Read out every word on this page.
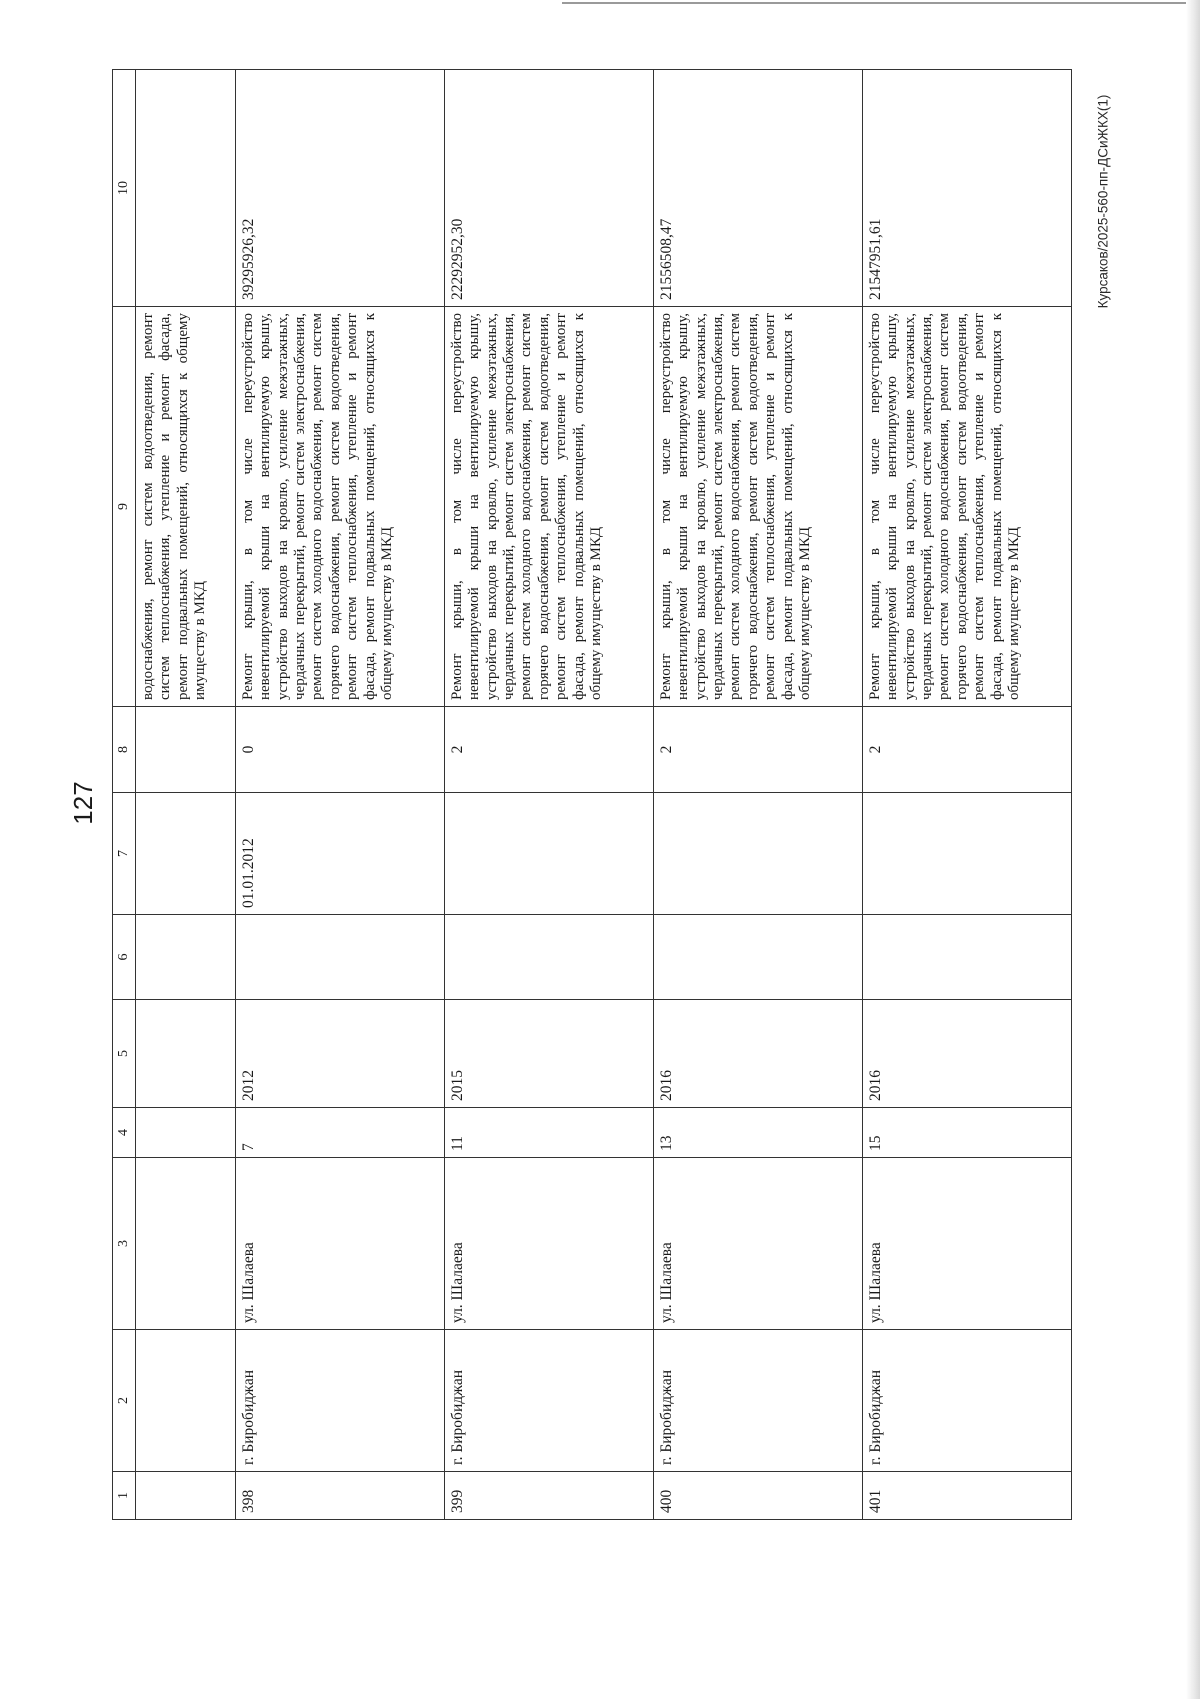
127
Курсаков/2025-560-пп-ДСиЖКХ(1)
1	2	3	4	5	6	7	8	9	10
								водоснабжения, ремонт систем водоотведения, ремонт систем теплоснабжения, утепление и ремонт фасада, ремонт подвальных помещений, относящихся к общему имуществу в МКД	
398	г. Биробиджан	ул. Шалаева	7	2012		01.01.2012	0	Ремонт крыши, в том числе переустройство невентилируемой крыши на вентилируемую крышу, устройство выходов на кровлю, усиление межэтажных, чердачных перекрытий, ремонт систем электроснабжения, ремонт систем холодного водоснабжения, ремонт систем горячего водоснабжения, ремонт систем водоотведения, ремонт систем теплоснабжения, утепление и ремонт фасада, ремонт подвальных помещений, относящихся к общему имуществу в МКД	39295926,32
399	г. Биробиджан	ул. Шалаева	11	2015			2	Ремонт крыши, в том числе переустройство невентилируемой крыши на вентилируемую крышу, устройство выходов на кровлю, усиление межэтажных, чердачных перекрытий, ремонт систем электроснабжения, ремонт систем холодного водоснабжения, ремонт систем горячего водоснабжения, ремонт систем водоотведения, ремонт систем теплоснабжения, утепление и ремонт фасада, ремонт подвальных помещений, относящихся к общему имуществу в МКД	22292952,30
400	г. Биробиджан	ул. Шалаева	13	2016			2	Ремонт крыши, в том числе переустройство невентилируемой крыши на вентилируемую крышу, устройство выходов на кровлю, усиление межэтажных, чердачных перекрытий, ремонт систем электроснабжения, ремонт систем холодного водоснабжения, ремонт систем горячего водоснабжения, ремонт систем водоотведения, ремонт систем теплоснабжения, утепление и ремонт фасада, ремонт подвальных помещений, относящихся к общему имуществу в МКД	21556508,47
401	г. Биробиджан	ул. Шалаева	15	2016			2	Ремонт крыши, в том числе переустройство невентилируемой крыши на вентилируемую крышу, устройство выходов на кровлю, усиление межэтажных, чердачных перекрытий, ремонт систем электроснабжения, ремонт систем холодного водоснабжения, ремонт систем горячего водоснабжения, ремонт систем водоотведения, ремонт систем теплоснабжения, утепление и ремонт фасада, ремонт подвальных помещений, относящихся к общему имуществу в МКД	21547951,61
